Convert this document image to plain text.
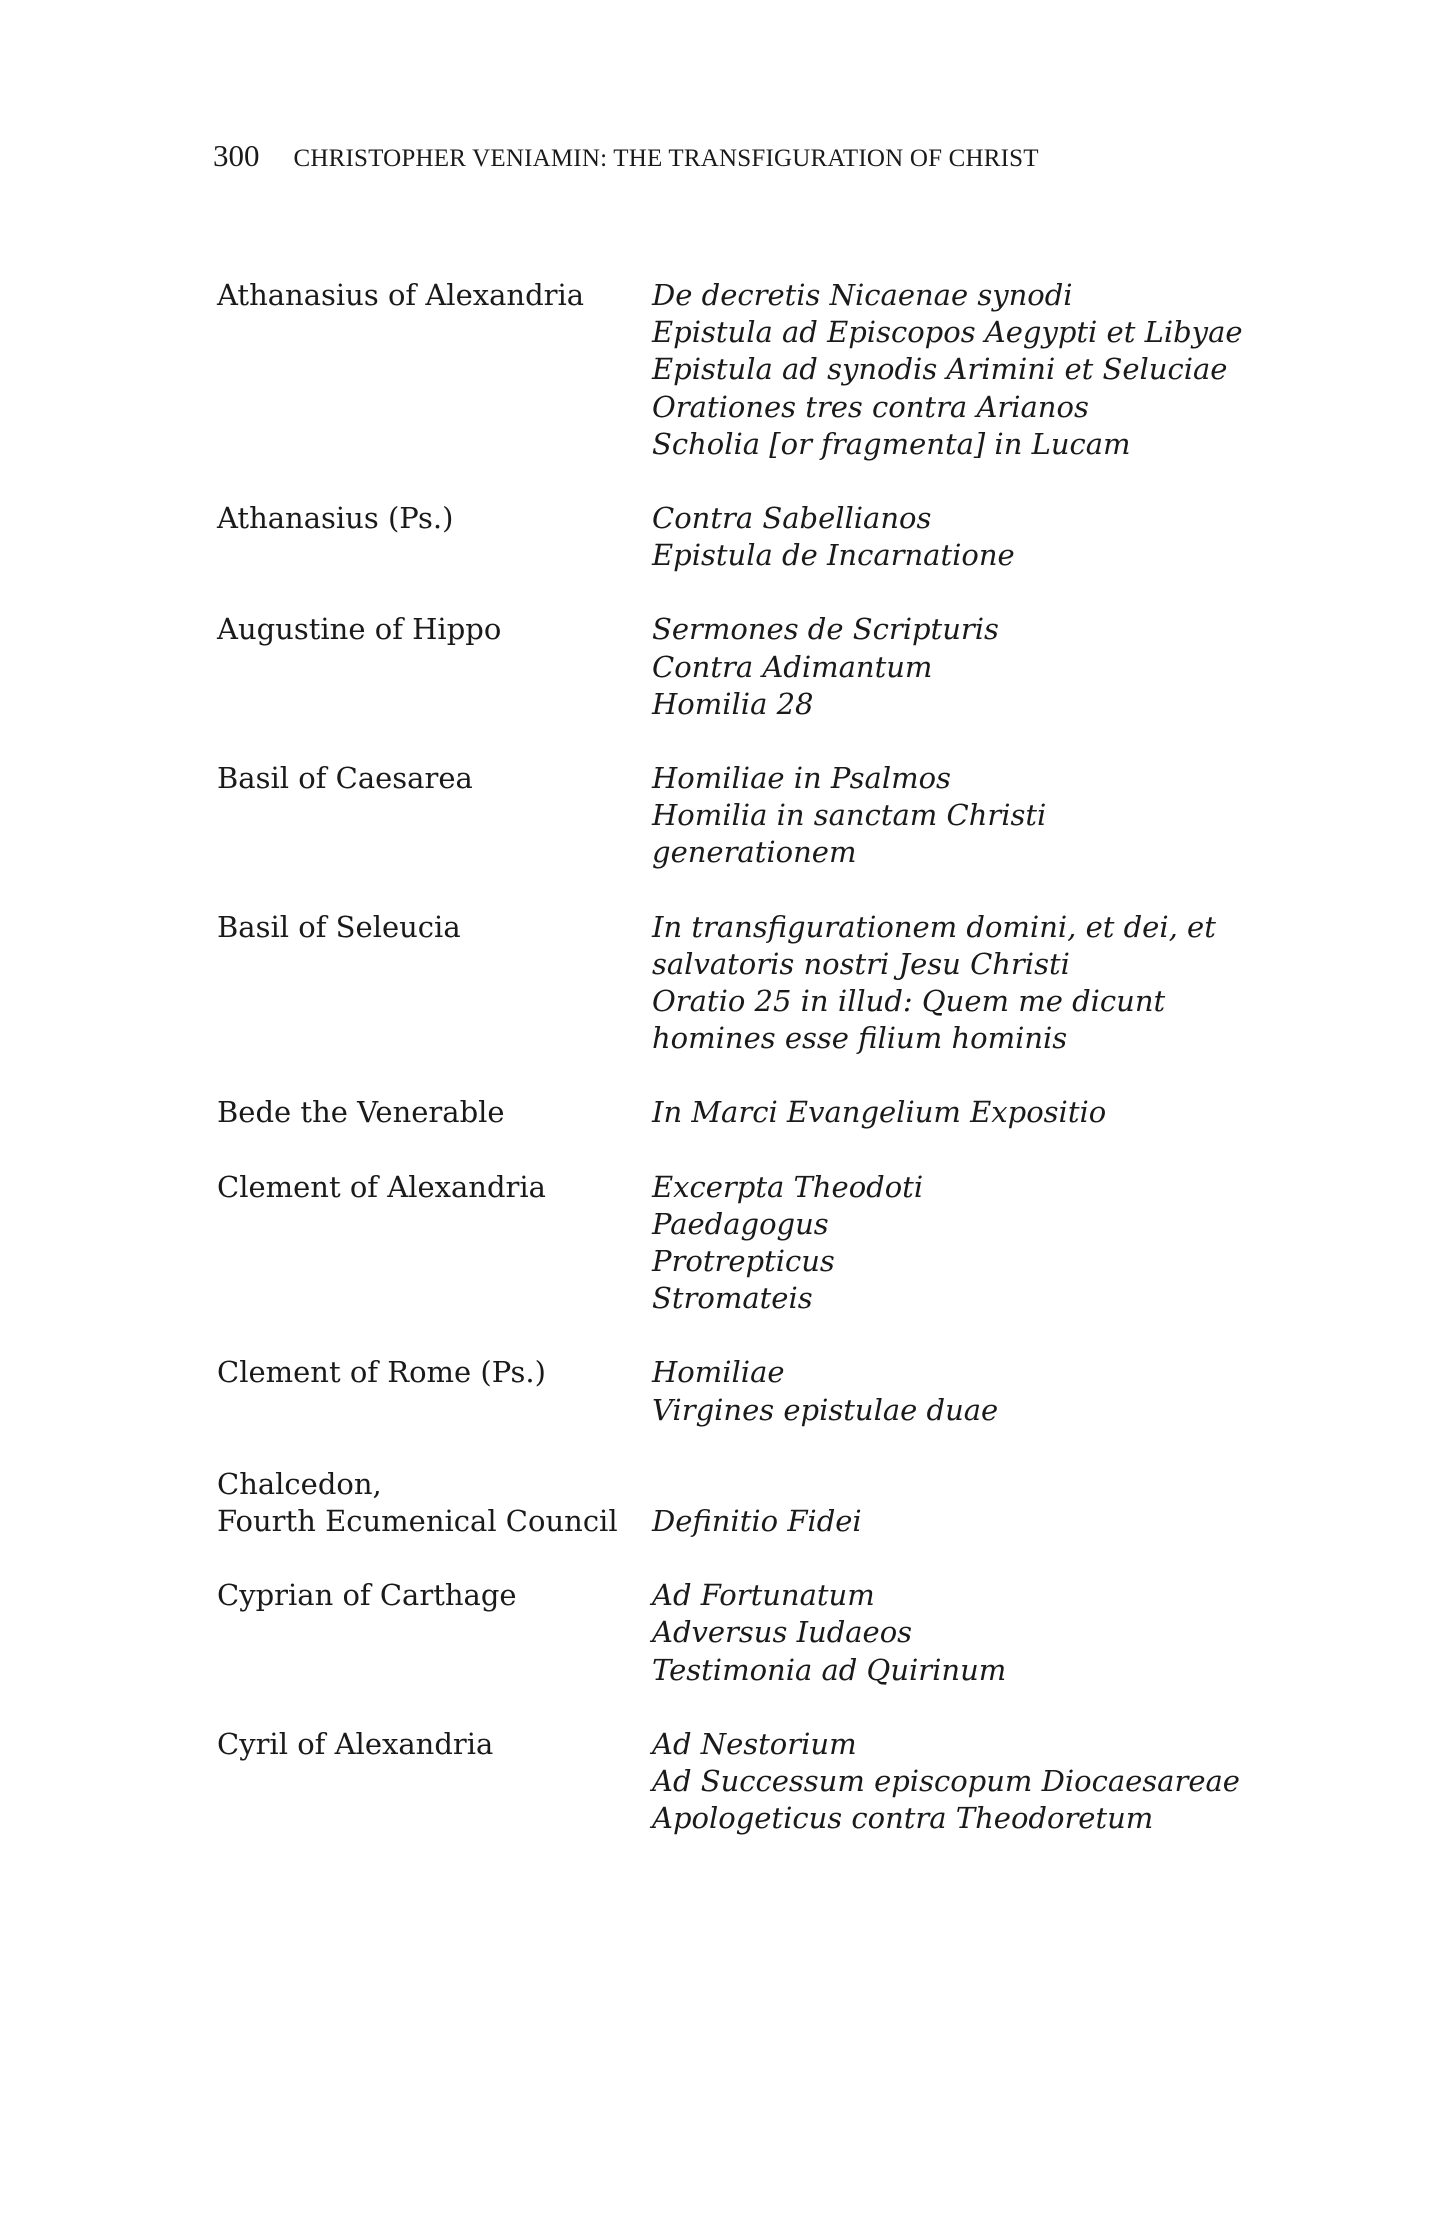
300 CHRISTOPHER VENIAMIN: THE TRANSFIGURATION OF CHRIST
Athanasius of Alexandria	De decretis Nicaenae synodi
Epistula ad Episcopos Aegypti et Libyae
Epistula ad synodis Arimini et Seluciae
Orationes tres contra Arianos
Scholia [or fragmenta] in Lucam
Athanasius (Ps.)	Contra Sabellianos
Epistula de Incarnatione
Augustine of Hippo	Sermones de Scripturis
Contra Adimantum
Homilia 28
Basil of Caesarea	Homiliae in Psalmos
Homilia in sanctam Christi generationem
Basil of Seleucia	In transfigurationem domini, et dei, et salvatoris nostri Jesu Christi
Oratio 25 in illud: Quem me dicunt homines esse filium hominis
Bede the Venerable	In Marci Evangelium Expositio
Clement of Alexandria	Excerpta Theodoti
Paedagogus
Protrepticus
Stromateis
Clement of Rome (Ps.)	Homiliae
Virgines epistulae duae
Chalcedon,
Fourth Ecumenical Council	Definitio Fidei
Cyprian of Carthage	Ad Fortunatum
Adversus Iudaeos
Testimonia ad Quirinum
Cyril of Alexandria	Ad Nestorium
Ad Successum episcopum Diocaesareae
Apologeticus contra Theodoretum
